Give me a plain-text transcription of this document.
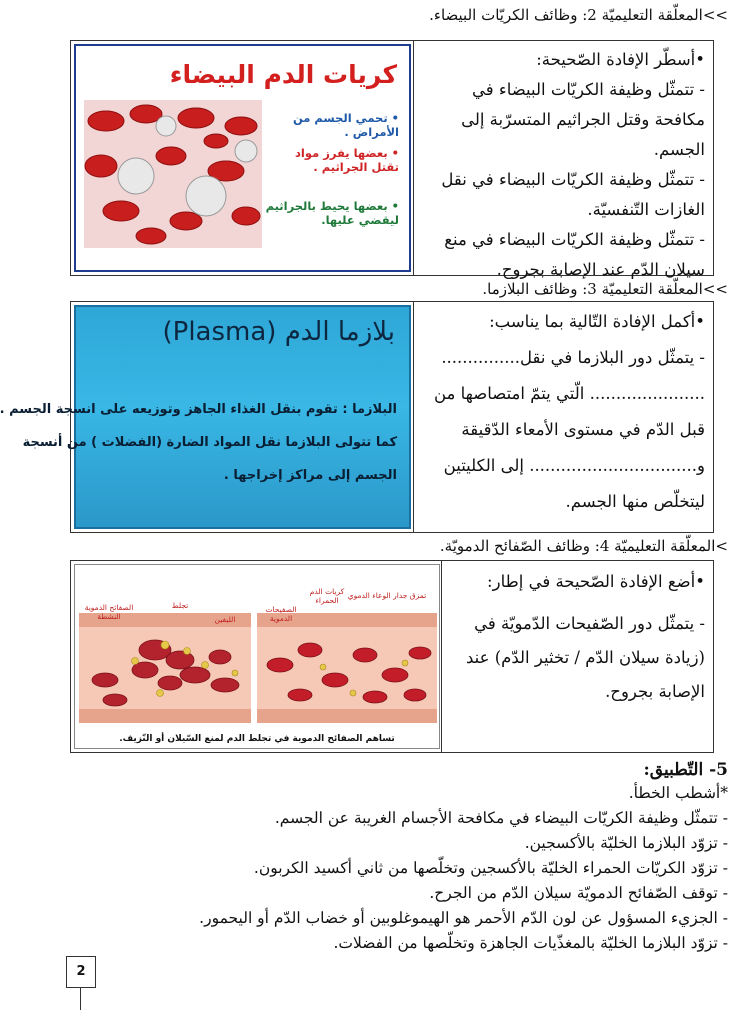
>>المعلّقة التعليميّة 2: وظائف الكريّات البيضاء.
•أسطّر الإفادة الصّحيحة:
- تتمثّل وظيفة الكريّات البيضاء في
مكافحة وقتل الجراثيم المتسرّبة إلى
الجسم.
- تتمثّل وظيفة الكريّات البيضاء في نقل
الغازات التّنفسيّة.
- تتمثّل وظيفة الكريّات البيضاء في منع
سيلان الدّم عند الإصابة بجروح.
كريات الدم البيضاء
• تحمي الجسم من الأمراض .
• بعضها يفرز مواد تقتل الجراثيم .
• بعضها يحيط بالجراثيم ليقضي عليها.
>>المعلّقة التعليميّة 3: وظائف البلازما.
•أكمل الإفادة التّالية بما يناسب:
- يتمثّل دور البلازما في نقل...............
...................... الّتي يتمّ امتصاصها من
قبل الدّم في مستوى الأمعاء الدّقيقة
و................................ إلى الكليتين
ليتخلّص منها الجسم.
بلازما الدم (Plasma)
البلازما : تقوم بنقل الغذاء الجاهز وتوزيعه على انسجة الجسم .
كما تتولى البلازما نقل المواد الضارة (الفضلات ) من أنسجة
الجسم إلى مراكز إخراجها .
>المعلّقة التعليميّة 4: وظائف الصّفائح الدمويّة.
•أضع الإفادة الصّحيحة في إطار:
- يتمثّل دور الصّفيحات الدّمويّة في
(زيادة سيلان الدّم / تخثير الدّم) عند
الإصابة بجروح.
تمزق جدار الوعاء الدموي
كريات الدم الحمراء
الصفيحات الدموية
الليفين
تجلط
الصفائح الدموية النشطة
تساهم الصفائح الدموية في تجلط الدم لمنع السّيلان أو النّزيف.
5- التّطبيق:
*أشطب الخطأ.
- تتمثّل وظيفة الكريّات البيضاء في مكافحة الأجسام الغريبة عن الجسم.
- تزوّد البلازما الخليّة بالأكسجين.
- تزوّد الكريّات الحمراء الخليّة بالأكسجين وتخلّصها من ثاني أكسيد الكربون.
- توقف الصّفائح الدمويّة سيلان الدّم من الجرح.
- الجزيء المسؤول عن لون الدّم الأحمر هو الهيموغلوبين أو خضاب الدّم أو اليحمور.
- تزوّد البلازما الخليّة بالمغذّيات الجاهزة وتخلّصها من الفضلات.
2
